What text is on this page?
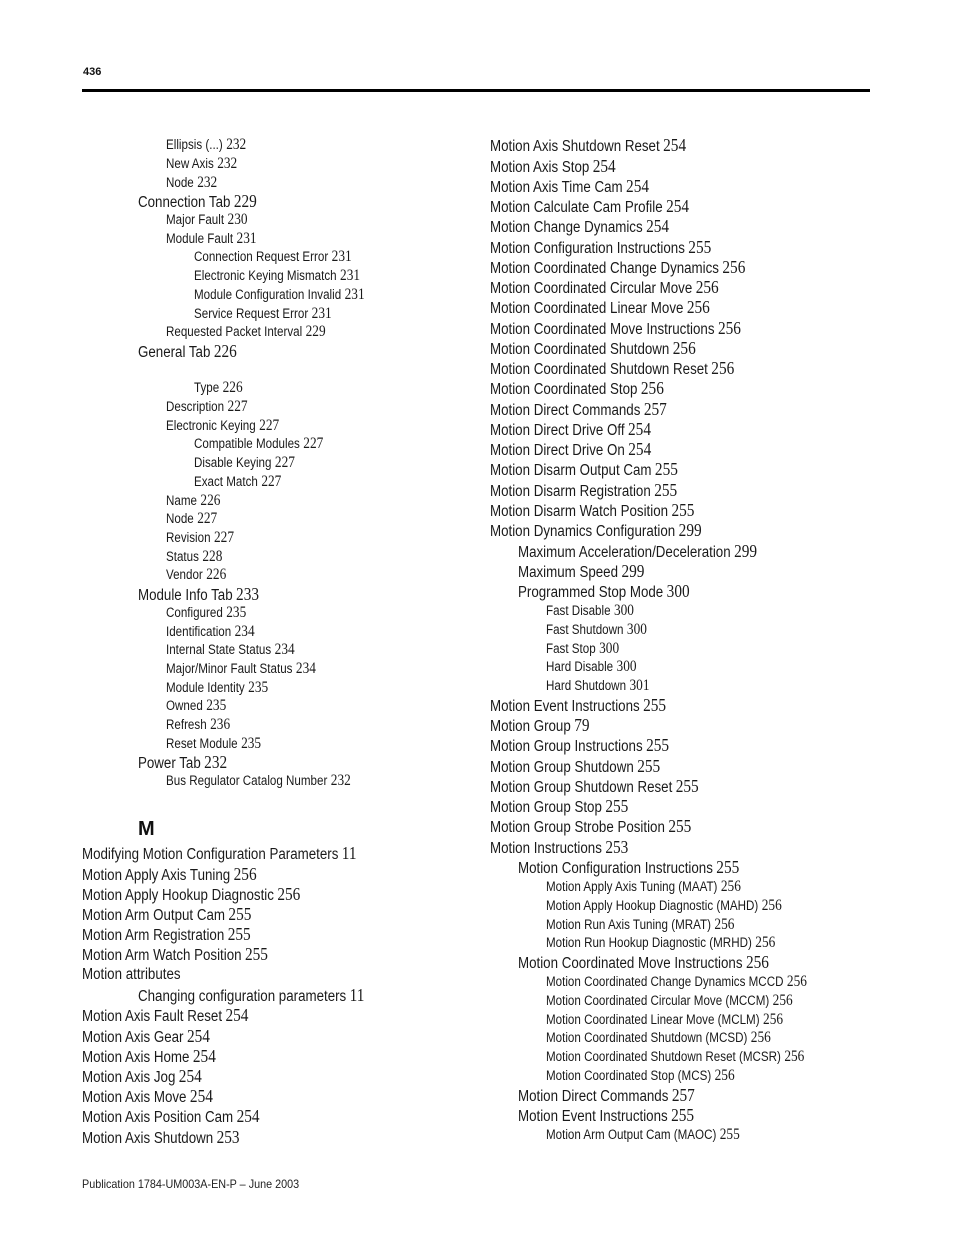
436
Ellipsis (...) 232
New Axis 232
Node 232
Connection Tab 229
Major Fault 230
Module Fault 231
Connection Request Error 231
Electronic Keying Mismatch 231
Module Configuration Invalid 231
Service Request Error 231
Requested Packet Interval 229
General Tab 226
Type 226
Description 227
Electronic Keying 227
Compatible Modules 227
Disable Keying 227
Exact Match 227
Name 226
Node 227
Revision 227
Status 228
Vendor 226
Module Info Tab 233
Configured 235
Identification 234
Internal State Status 234
Major/Minor Fault Status 234
Module Identity 235
Owned 235
Refresh 236
Reset Module 235
Power Tab 232
Bus Regulator Catalog Number 232
Modifying Motion Configuration Parameters 11
Motion Apply Axis Tuning 256
Motion Apply Hookup Diagnostic 256
Motion Arm Output Cam 255
Motion Arm Registration 255
Motion Arm Watch Position 255
Motion attributes
Changing configuration parameters 11
Motion Axis Fault Reset 254
Motion Axis Gear 254
Motion Axis Home 254
Motion Axis Jog 254
Motion Axis Move 254
Motion Axis Position Cam 254
Motion Axis Shutdown 253
M
Motion Axis Shutdown Reset 254
Motion Axis Stop 254
Motion Axis Time Cam 254
Motion Calculate Cam Profile 254
Motion Change Dynamics 254
Motion Configuration Instructions 255
Motion Coordinated Change Dynamics 256
Motion Coordinated Circular Move 256
Motion Coordinated Linear Move 256
Motion Coordinated Move Instructions 256
Motion Coordinated Shutdown 256
Motion Coordinated Shutdown Reset 256
Motion Coordinated Stop 256
Motion Direct Commands 257
Motion Direct Drive Off 254
Motion Direct Drive On 254
Motion Disarm Output Cam 255
Motion Disarm Registration 255
Motion Disarm Watch Position 255
Motion Dynamics Configuration 299
Maximum Acceleration/Deceleration 299
Maximum Speed 299
Programmed Stop Mode 300
Fast Disable 300
Fast Shutdown 300
Fast Stop 300
Hard Disable 300
Hard Shutdown 301
Motion Event Instructions 255
Motion Group 79
Motion Group Instructions 255
Motion Group Shutdown 255
Motion Group Shutdown Reset 255
Motion Group Stop 255
Motion Group Strobe Position 255
Motion Instructions 253
Motion Configuration Instructions 255
Motion Apply Axis Tuning (MAAT) 256
Motion Apply Hookup Diagnostic (MAHD) 256
Motion Run Axis Tuning (MRAT) 256
Motion Run Hookup Diagnostic (MRHD) 256
Motion Coordinated Move Instructions 256
Motion Coordinated Change Dynamics MCCD 256
Motion Coordinated Circular Move (MCCM) 256
Motion Coordinated Linear Move (MCLM) 256
Motion Coordinated Shutdown (MCSD) 256
Motion Coordinated Shutdown Reset (MCSR) 256
Motion Coordinated Stop (MCS) 256
Motion Direct Commands 257
Motion Event Instructions 255
Motion Arm Output Cam (MAOC) 255
Publication 1784-UM003A-EN-P – June 2003
